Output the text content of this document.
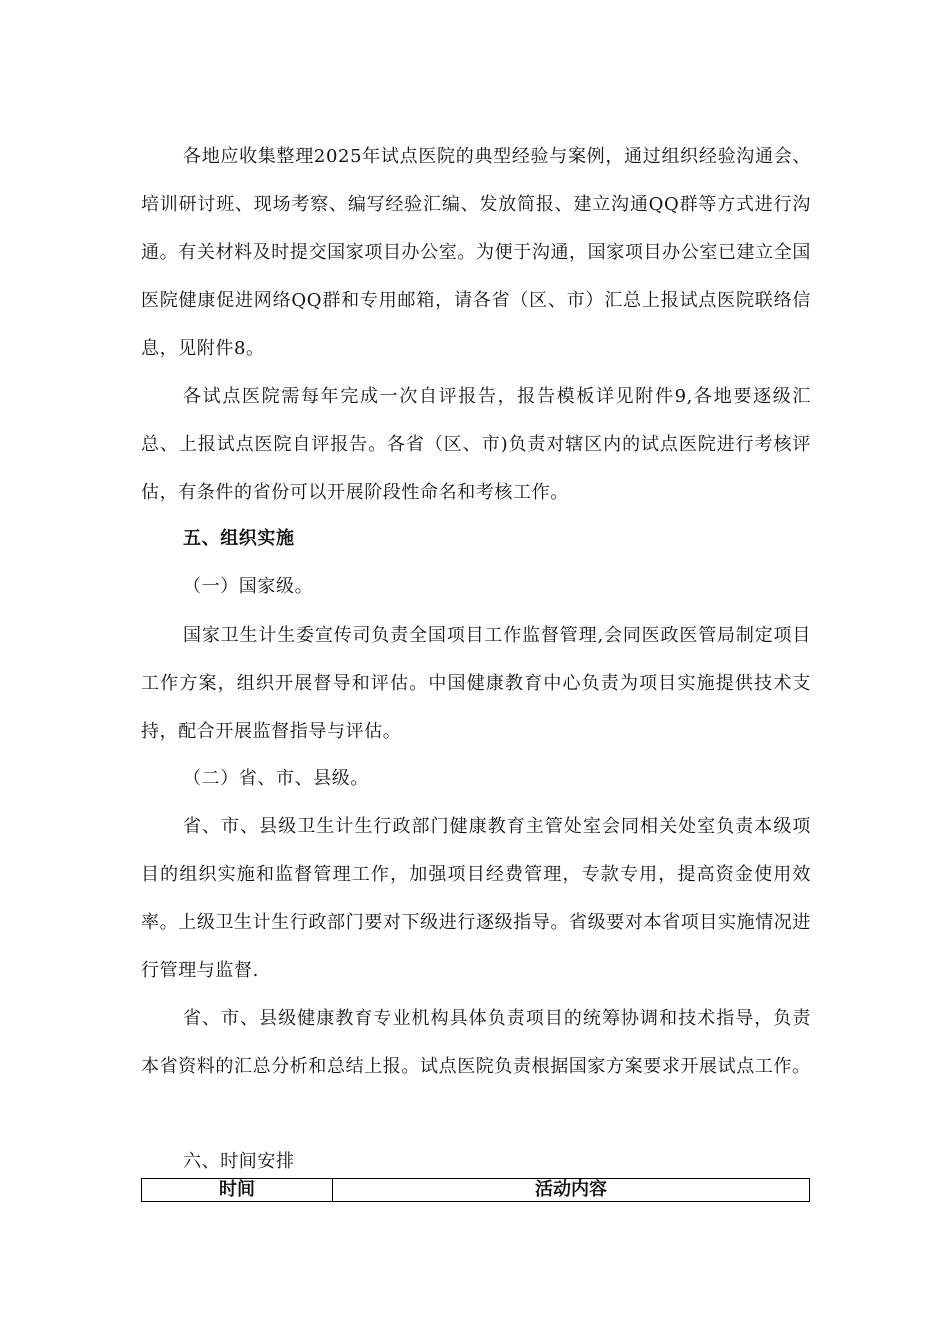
各地应收集整理2025年试点医院的典型经验与案例，通过组织经验沟通会、培训研讨班、现场考察、编写经验汇编、发放简报、建立沟通QQ群等方式进行沟通。有关材料及时提交国家项目办公室。为便于沟通，国家项目办公室已建立全国医院健康促进网络QQ群和专用邮箱，请各省（区、市）汇总上报试点医院联络信息，见附件8。

各试点医院需每年完成一次自评报告，报告模板详见附件9,各地要逐级汇总、上报试点医院自评报告。各省（区、市)负责对辖区内的试点医院进行考核评估，有条件的省份可以开展阶段性命名和考核工作。

五、组织实施
（一）国家级。

国家卫生计生委宣传司负责全国项目工作监督管理,会同医政医管局制定项目工作方案，组织开展督导和评估。中国健康教育中心负责为项目实施提供技术支持，配合开展监督指导与评估。

（二）省、市、县级。

省、市、县级卫生计生行政部门健康教育主管处室会同相关处室负责本级项目的组织实施和监督管理工作，加强项目经费管理，专款专用，提高资金使用效率。上级卫生计生行政部门要对下级进行逐级指导。省级要对本省项目实施情况进行管理与监督.

省、市、县级健康教育专业机构具体负责项目的统筹协调和技术指导，负责本省资料的汇总分析和总结上报。试点医院负责根据国家方案要求开展试点工作。

六、时间安排
时间	活动内容
